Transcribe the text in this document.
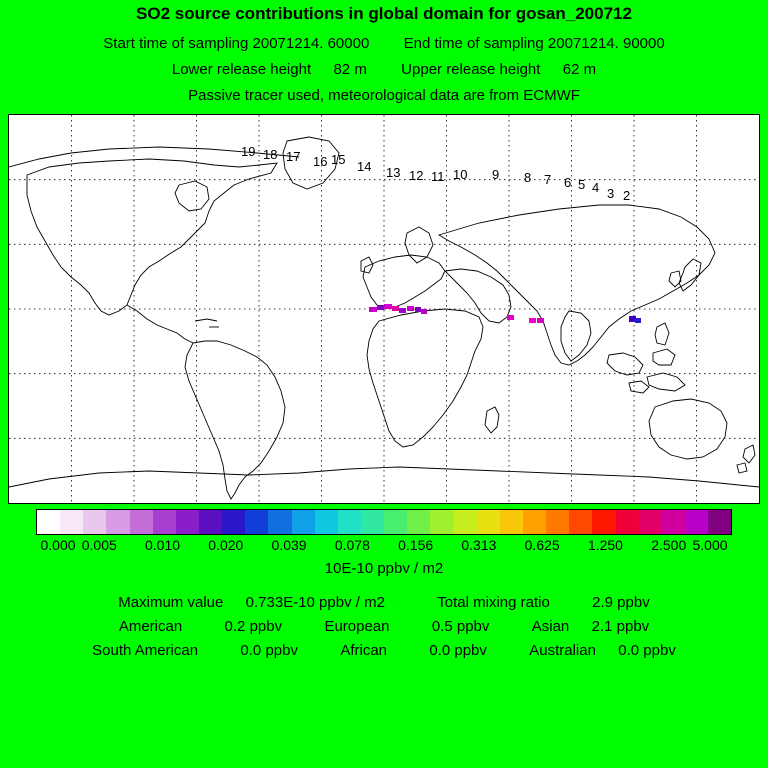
SO2 source contributions in global domain for gosan_200712
Start time of sampling 20071214. 60000 End time of sampling 20071214. 90000
Lower release height 82 m Upper release height 62 m
Passive tracer used, meteorological data are from ECMWF
19 18 17 16 15 14 13 12 11 10 9 8 7 6 5 4 3 2
0.000 0.005 0.010 0.020 0.039 0.078 0.156 0.313 0.625 1.250 2.500 5.000
10E-10 ppbv / m2
Maximum value 0.733E-10 ppbv / m2	Total mixing ratio	2.9 ppbv
American	0.2 ppbv	European	0.5 ppbv	Asian 2.1 ppbv
South American	0.0 ppbv	African	0.0 ppbv	Australian 0.0 ppbv
